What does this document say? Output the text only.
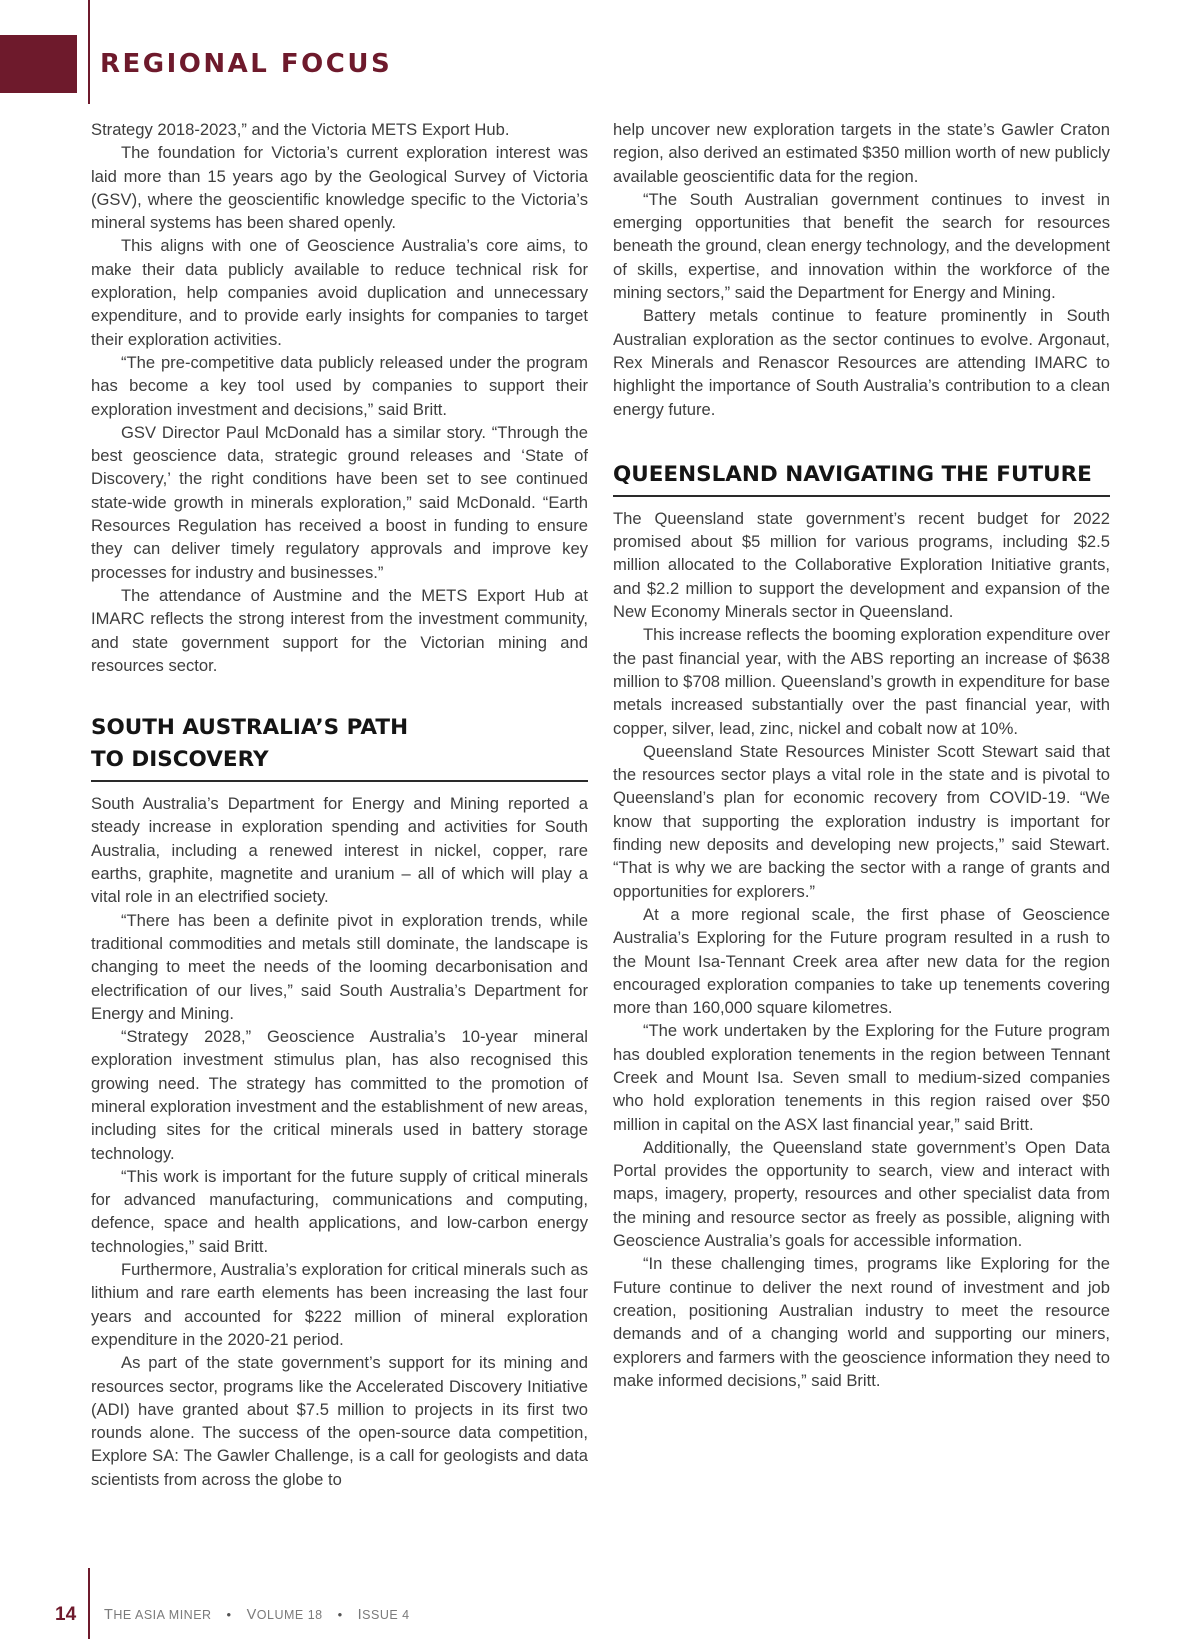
REGIONAL FOCUS

Strategy 2018-2023,” and the Victoria METS Export Hub.

The foundation for Victoria’s current exploration interest was laid more than 15 years ago by the Geological Survey of Victoria (GSV), where the geoscientific knowledge specific to the Victoria’s mineral systems has been shared openly.

This aligns with one of Geoscience Australia’s core aims, to make their data publicly available to reduce technical risk for exploration, help companies avoid duplication and unnecessary expenditure, and to provide early insights for companies to target their exploration activities.

“The pre-competitive data publicly released under the program has become a key tool used by companies to support their exploration investment and decisions,” said Britt.

GSV Director Paul McDonald has a similar story. “Through the best geoscience data, strategic ground releases and ‘State of Discovery,’ the right conditions have been set to see continued state-wide growth in minerals exploration,” said McDonald. “Earth Resources Regulation has received a boost in funding to ensure they can deliver timely regulatory approvals and improve key processes for industry and businesses.”

The attendance of Austmine and the METS Export Hub at IMARC reflects the strong interest from the investment community, and state government support for the Victorian mining and resources sector.

SOUTH AUSTRALIA’S PATH
TO DISCOVERY

South Australia’s Department for Energy and Mining reported a steady increase in exploration spending and activities for South Australia, including a renewed interest in nickel, copper, rare earths, graphite, magnetite and uranium – all of which will play a vital role in an electrified society.

“There has been a definite pivot in exploration trends, while traditional commodities and metals still dominate, the landscape is changing to meet the needs of the looming decarbonisation and electrification of our lives,” said South Australia’s Department for Energy and Mining.

“Strategy 2028,” Geoscience Australia’s 10-year mineral exploration investment stimulus plan, has also recognised this growing need. The strategy has committed to the promotion of mineral exploration investment and the establishment of new areas, including sites for the critical minerals used in battery storage technology.

“This work is important for the future supply of critical minerals for advanced manufacturing, communications and computing, defence, space and health applications, and low-carbon energy technologies,” said Britt.

Furthermore, Australia’s exploration for critical minerals such as lithium and rare earth elements has been increasing the last four years and accounted for $222 million of mineral exploration expenditure in the 2020-21 period.

As part of the state government’s support for its mining and resources sector, programs like the Accelerated Discovery Initiative (ADI) have granted about $7.5 million to projects in its first two rounds alone. The success of the open-source data competition, Explore SA: The Gawler Challenge, is a call for geologists and data scientists from across the globe to

help uncover new exploration targets in the state’s Gawler Craton region, also derived an estimated $350 million worth of new publicly available geoscientific data for the region.

“The South Australian government continues to invest in emerging opportunities that benefit the search for resources beneath the ground, clean energy technology, and the development of skills, expertise, and innovation within the workforce of the mining sectors,” said the Department for Energy and Mining.

Battery metals continue to feature prominently in South Australian exploration as the sector continues to evolve. Argonaut, Rex Minerals and Renascor Resources are attending IMARC to highlight the importance of South Australia’s contribution to a clean energy future.

QUEENSLAND NAVIGATING THE FUTURE

The Queensland state government’s recent budget for 2022 promised about $5 million for various programs, including $2.5 million allocated to the Collaborative Exploration Initiative grants, and $2.2 million to support the development and expansion of the New Economy Minerals sector in Queensland.

This increase reflects the booming exploration expenditure over the past financial year, with the ABS reporting an increase of $638 million to $708 million. Queensland’s growth in expenditure for base metals increased substantially over the past financial year, with copper, silver, lead, zinc, nickel and cobalt now at 10%.

Queensland State Resources Minister Scott Stewart said that the resources sector plays a vital role in the state and is pivotal to Queensland’s plan for economic recovery from COVID-19. “We know that supporting the exploration industry is important for finding new deposits and developing new projects,” said Stewart. “That is why we are backing the sector with a range of grants and opportunities for explorers.”

At a more regional scale, the first phase of Geoscience Australia’s Exploring for the Future program resulted in a rush to the Mount Isa-Tennant Creek area after new data for the region encouraged exploration companies to take up tenements covering more than 160,000 square kilometres.

“The work undertaken by the Exploring for the Future program has doubled exploration tenements in the region between Tennant Creek and Mount Isa. Seven small to medium-sized companies who hold exploration tenements in this region raised over $50 million in capital on the ASX last financial year,” said Britt.

Additionally, the Queensland state government’s Open Data Portal provides the opportunity to search, view and interact with maps, imagery, property, resources and other specialist data from the mining and resource sector as freely as possible, aligning with Geoscience Australia’s goals for accessible information.

“In these challenging times, programs like Exploring for the Future continue to deliver the next round of investment and job creation, positioning Australian industry to meet the resource demands and of a changing world and supporting our miners, explorers and farmers with the geoscience information they need to make informed decisions,” said Britt.

14 THE ASIA MINER • VOLUME 18 • ISSUE 4
